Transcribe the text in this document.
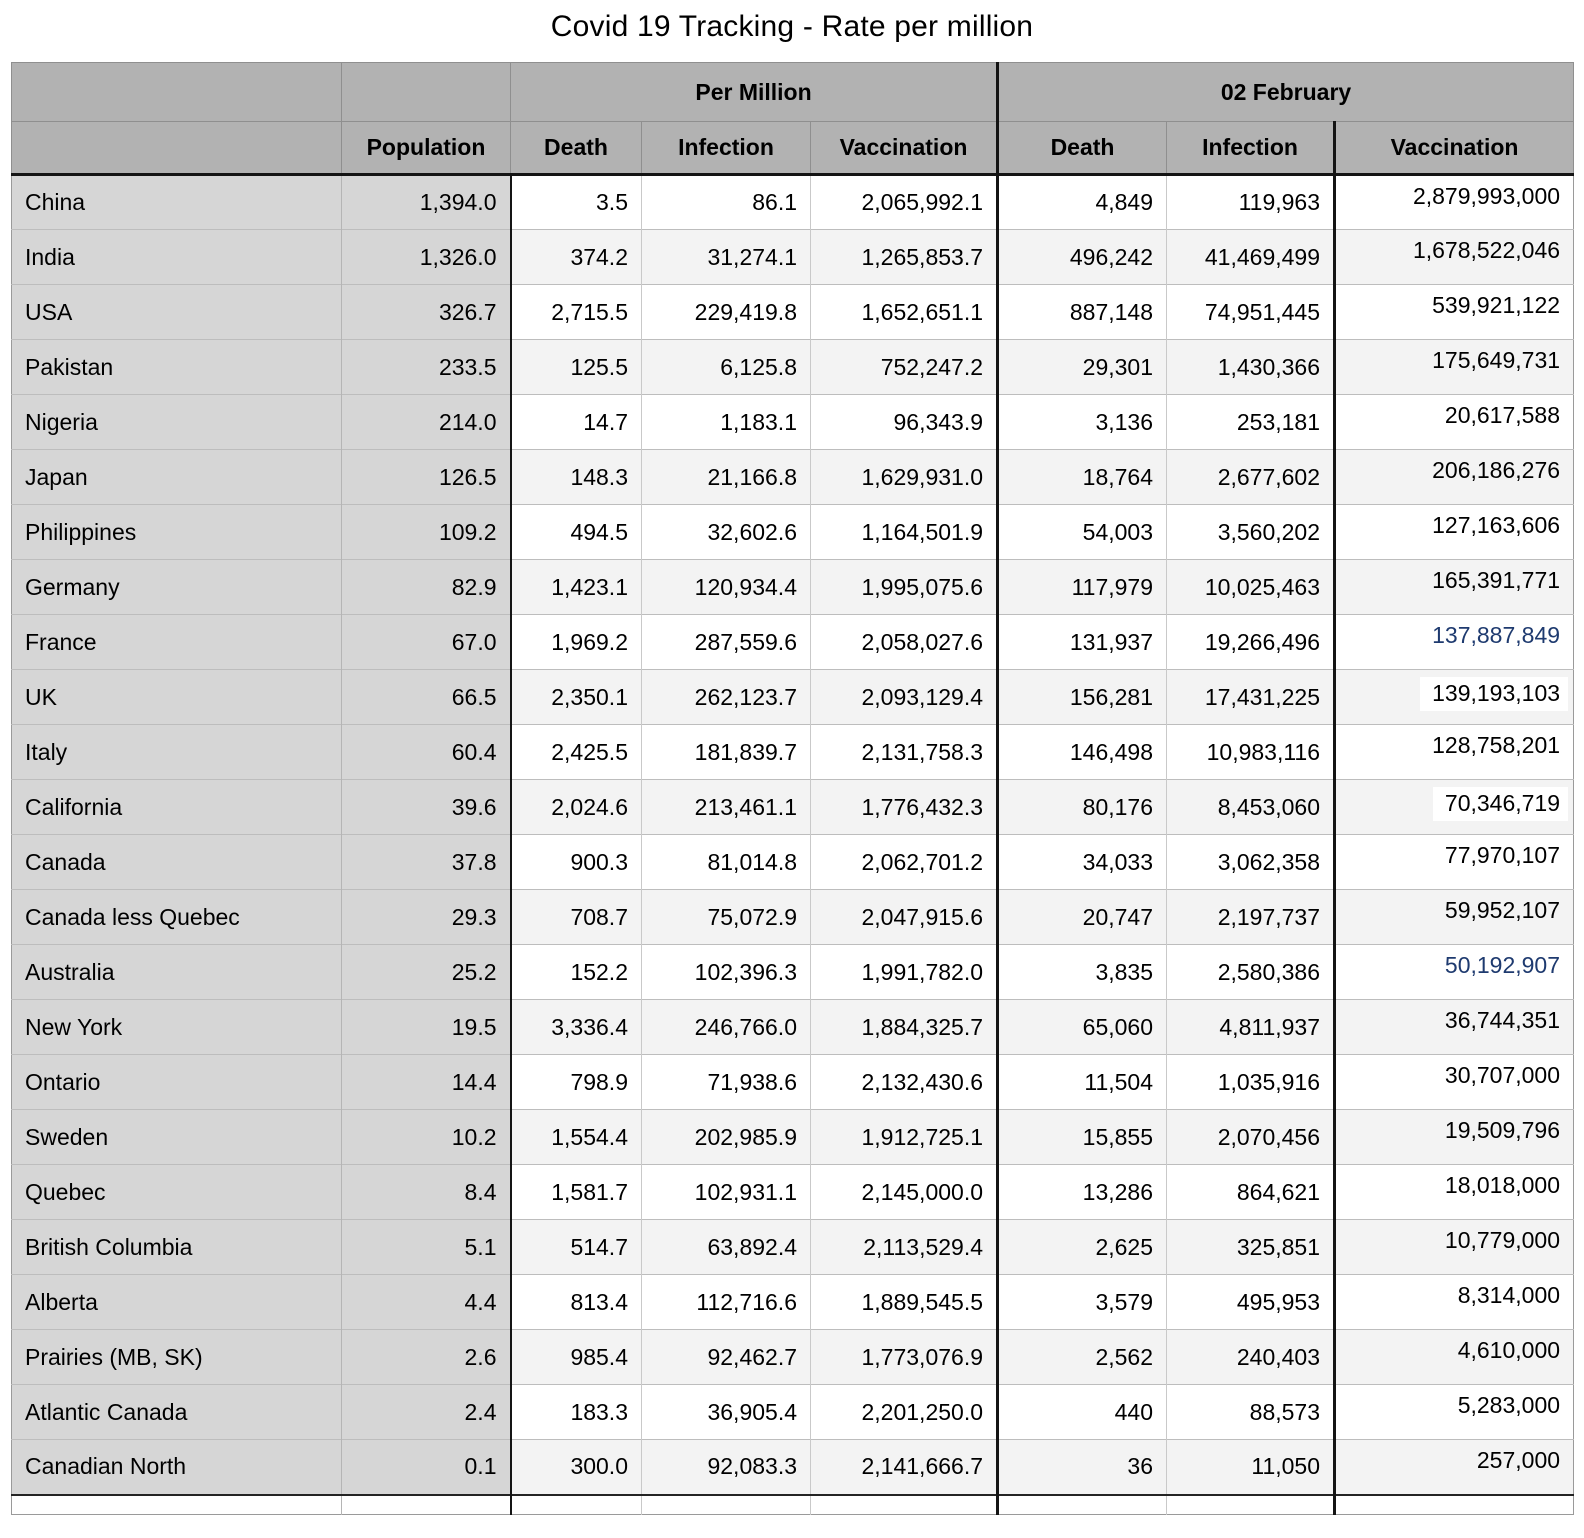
Covid 19 Tracking - Rate per million
		Per Million			02 February		
	Population	Death	Infection	Vaccination	Death	Infection	Vaccination
China	1,394.0	3.5	86.1	2,065,992.1	4,849	119,963	2,879,993,000
India	1,326.0	374.2	31,274.1	1,265,853.7	496,242	41,469,499	1,678,522,046
USA	326.7	2,715.5	229,419.8	1,652,651.1	887,148	74,951,445	539,921,122
Pakistan	233.5	125.5	6,125.8	752,247.2	29,301	1,430,366	175,649,731
Nigeria	214.0	14.7	1,183.1	96,343.9	3,136	253,181	20,617,588
Japan	126.5	148.3	21,166.8	1,629,931.0	18,764	2,677,602	206,186,276
Philippines	109.2	494.5	32,602.6	1,164,501.9	54,003	3,560,202	127,163,606
Germany	82.9	1,423.1	120,934.4	1,995,075.6	117,979	10,025,463	165,391,771
France	67.0	1,969.2	287,559.6	2,058,027.6	131,937	19,266,496	137,887,849
UK	66.5	2,350.1	262,123.7	2,093,129.4	156,281	17,431,225	139,193,103
Italy	60.4	2,425.5	181,839.7	2,131,758.3	146,498	10,983,116	128,758,201
California	39.6	2,024.6	213,461.1	1,776,432.3	80,176	8,453,060	70,346,719
Canada	37.8	900.3	81,014.8	2,062,701.2	34,033	3,062,358	77,970,107
Canada less Quebec	29.3	708.7	75,072.9	2,047,915.6	20,747	2,197,737	59,952,107
Australia	25.2	152.2	102,396.3	1,991,782.0	3,835	2,580,386	50,192,907
New York	19.5	3,336.4	246,766.0	1,884,325.7	65,060	4,811,937	36,744,351
Ontario	14.4	798.9	71,938.6	2,132,430.6	11,504	1,035,916	30,707,000
Sweden	10.2	1,554.4	202,985.9	1,912,725.1	15,855	2,070,456	19,509,796
Quebec	8.4	1,581.7	102,931.1	2,145,000.0	13,286	864,621	18,018,000
British Columbia	5.1	514.7	63,892.4	2,113,529.4	2,625	325,851	10,779,000
Alberta	4.4	813.4	112,716.6	1,889,545.5	3,579	495,953	8,314,000
Prairies (MB, SK)	2.6	985.4	92,462.7	1,773,076.9	2,562	240,403	4,610,000
Atlantic Canada	2.4	183.3	36,905.4	2,201,250.0	440	88,573	5,283,000
Canadian North	0.1	300.0	92,083.3	2,141,666.7	36	11,050	257,000
